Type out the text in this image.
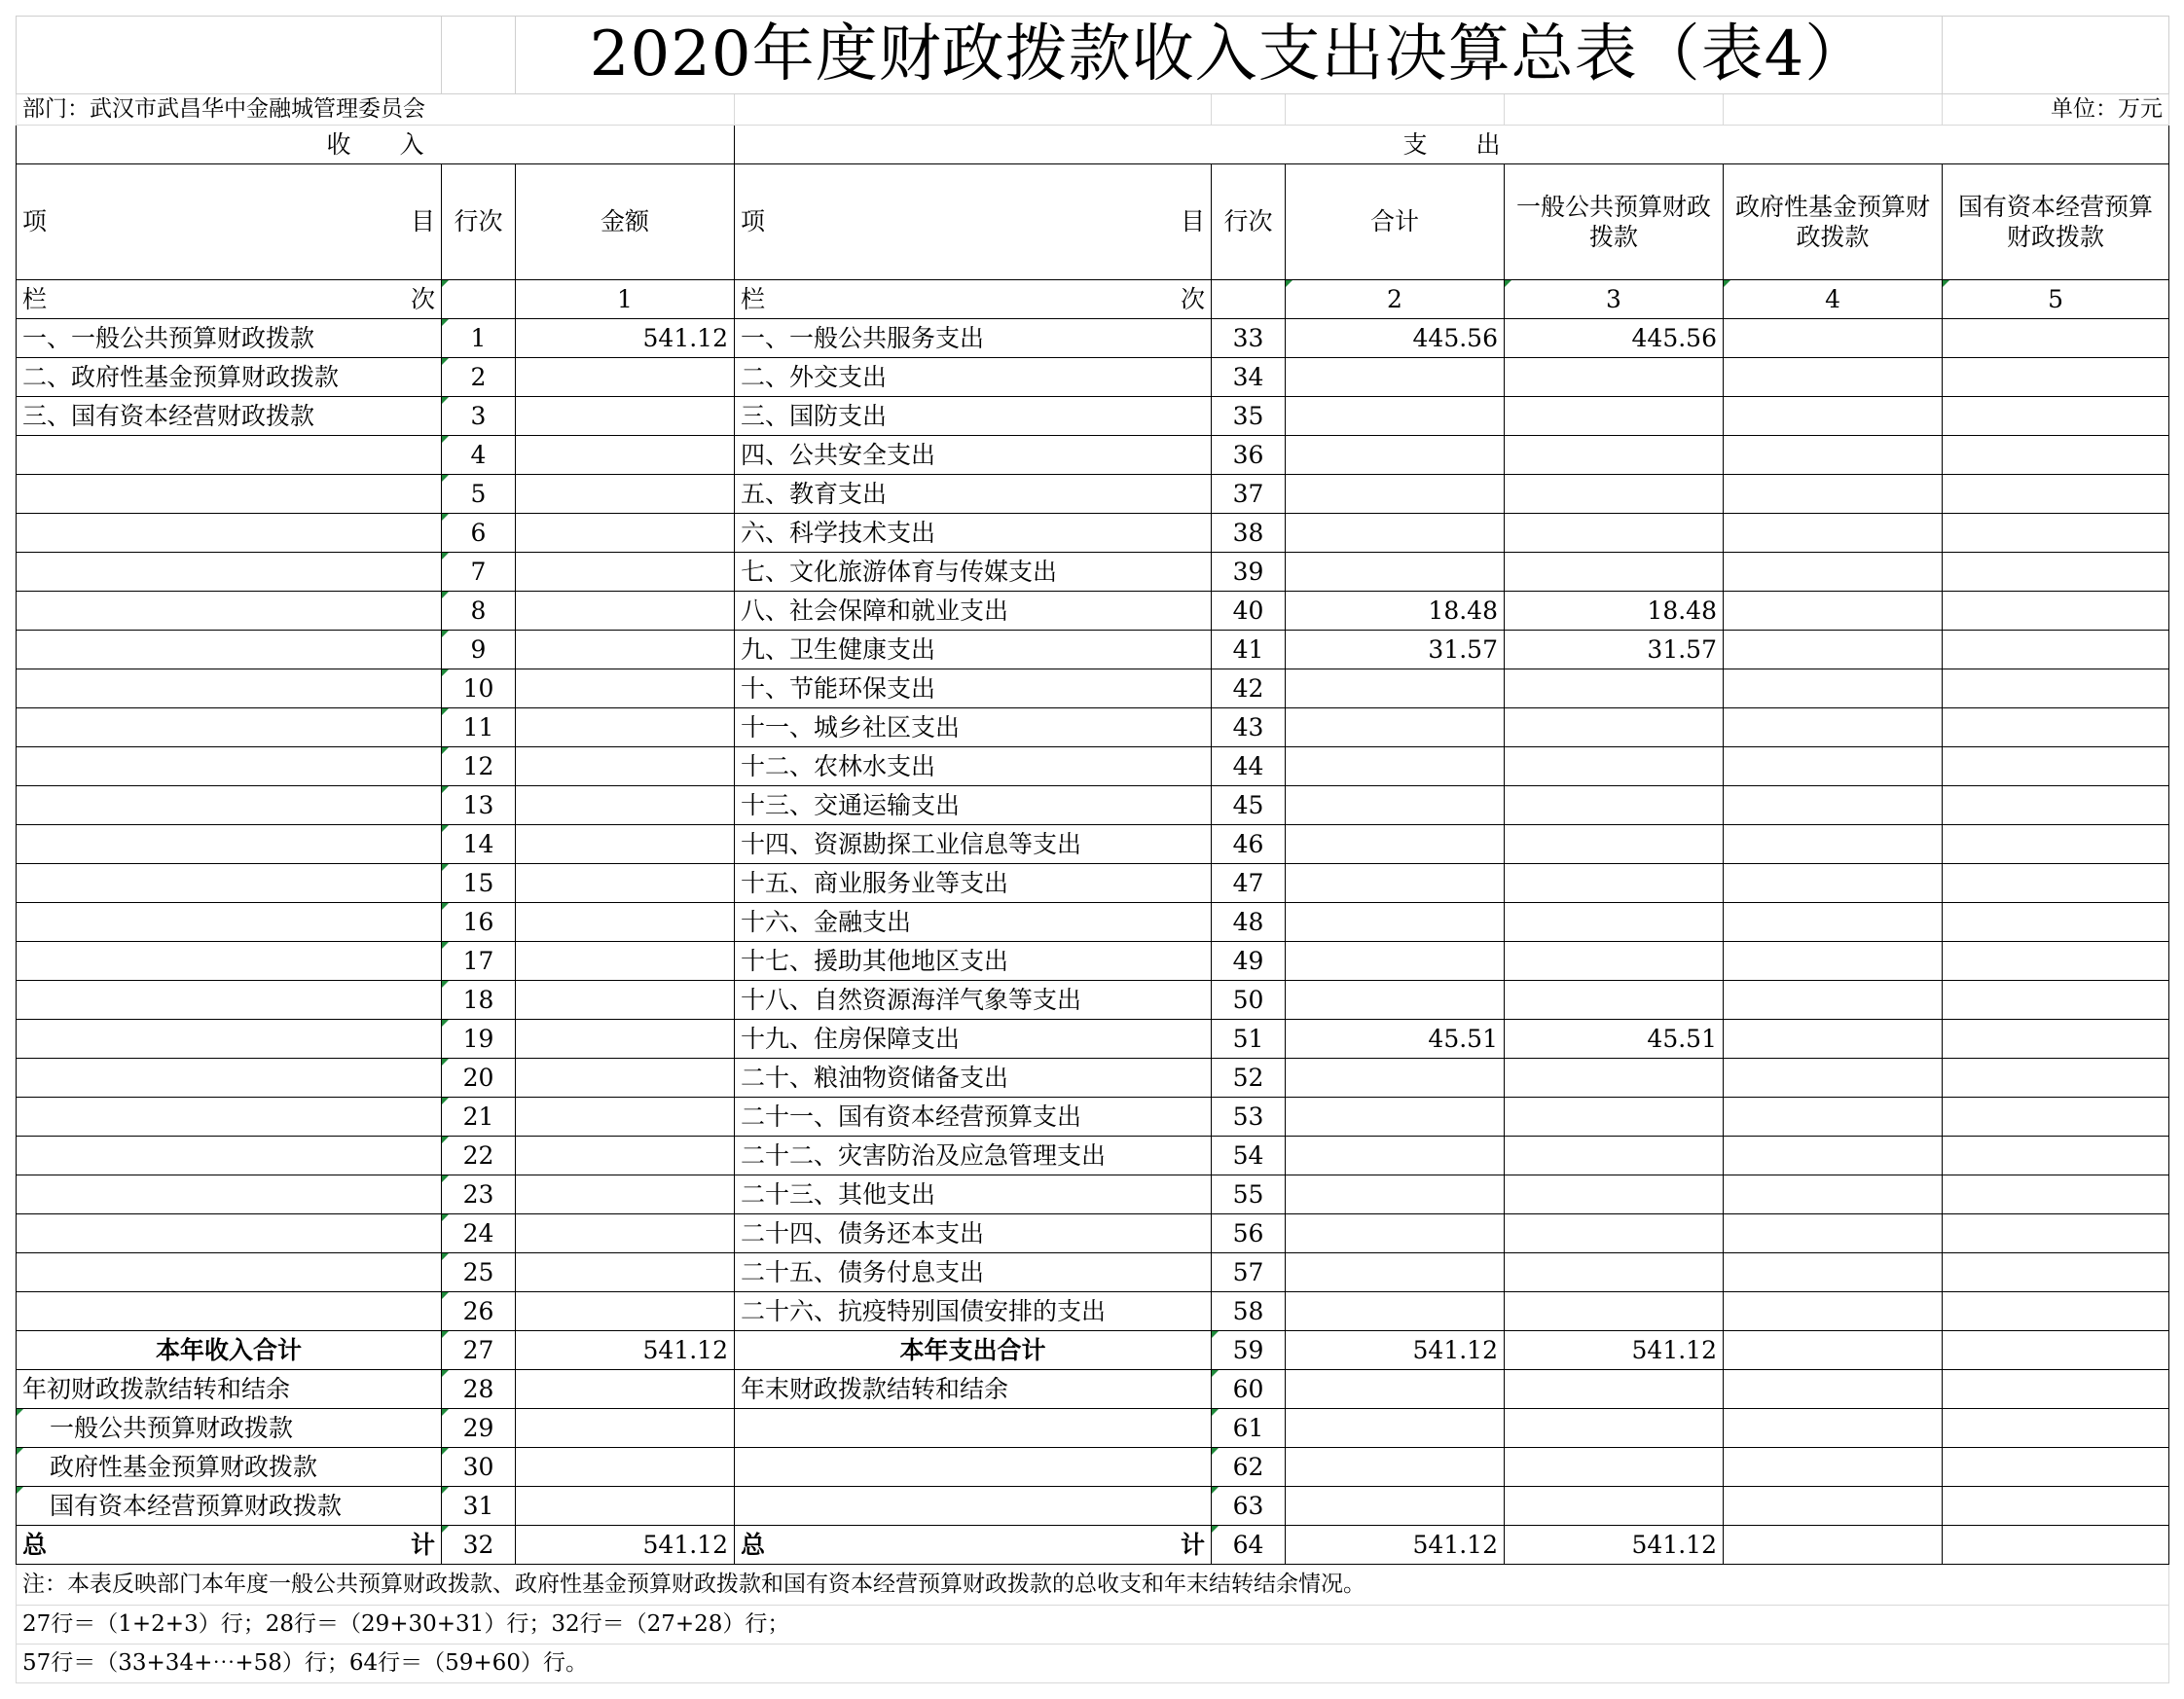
		2020年度财政拨款收入支出决算总表（表4）						
部门：武汉市武昌华中金融城管理委员会								单位：万元
收　　入			支　　出					

项 目	行次	金额	项 目	行次	合计	一般公共预算财政拨款	政府性基金预算财政拨款	国有资本经营预算财政拨款

栏 次		1	栏 次		2	3	4	5
一、一般公共预算财政拨款	1	541.12	一、一般公共服务支出	33	445.56	445.56		
二、政府性基金预算财政拨款	2		二、外交支出	34				
三、国有资本经营财政拨款	3		三、国防支出	35				
	4		四、公共安全支出	36				
	5		五、教育支出	37				
	6		六、科学技术支出	38				
	7		七、文化旅游体育与传媒支出	39				
	8		八、社会保障和就业支出	40	18.48	18.48		
	9		九、卫生健康支出	41	31.57	31.57		
	10		十、节能环保支出	42				
	11		十一、城乡社区支出	43				
	12		十二、农林水支出	44				
	13		十三、交通运输支出	45				
	14		十四、资源勘探工业信息等支出	46				
	15		十五、商业服务业等支出	47				
	16		十六、金融支出	48				
	17		十七、援助其他地区支出	49				
	18		十八、自然资源海洋气象等支出	50				
	19		十九、住房保障支出	51	45.51	45.51		
	20		二十、粮油物资储备支出	52				
	21		二十一、国有资本经营预算支出	53				
	22		二十二、灾害防治及应急管理支出	54				
	23		二十三、其他支出	55				
	24		二十四、债务还本支出	56				
	25		二十五、债务付息支出	57				
	26		二十六、抗疫特别国债安排的支出	58				
本年收入合计	27	541.12	本年支出合计	59	541.12	541.12		
年初财政拨款结转和结余	28		年末财政拨款结转和结余	60				
一般公共预算财政拨款	29			61				
政府性基金预算财政拨款	30			62				
国有资本经营预算财政拨款	31			63				

总 计	32	541.12	总 计	64	541.12	541.12		
注：本表反映部门本年度一般公共预算财政拨款、政府性基金预算财政拨款和国有资本经营预算财政拨款的总收支和年末结转结余情况。								
27行＝（1+2+3）行；28行＝（29+30+31）行；32行＝（27+28）行；								
57行＝（33+34+⋯+58）行；64行＝（59+60）行。								
